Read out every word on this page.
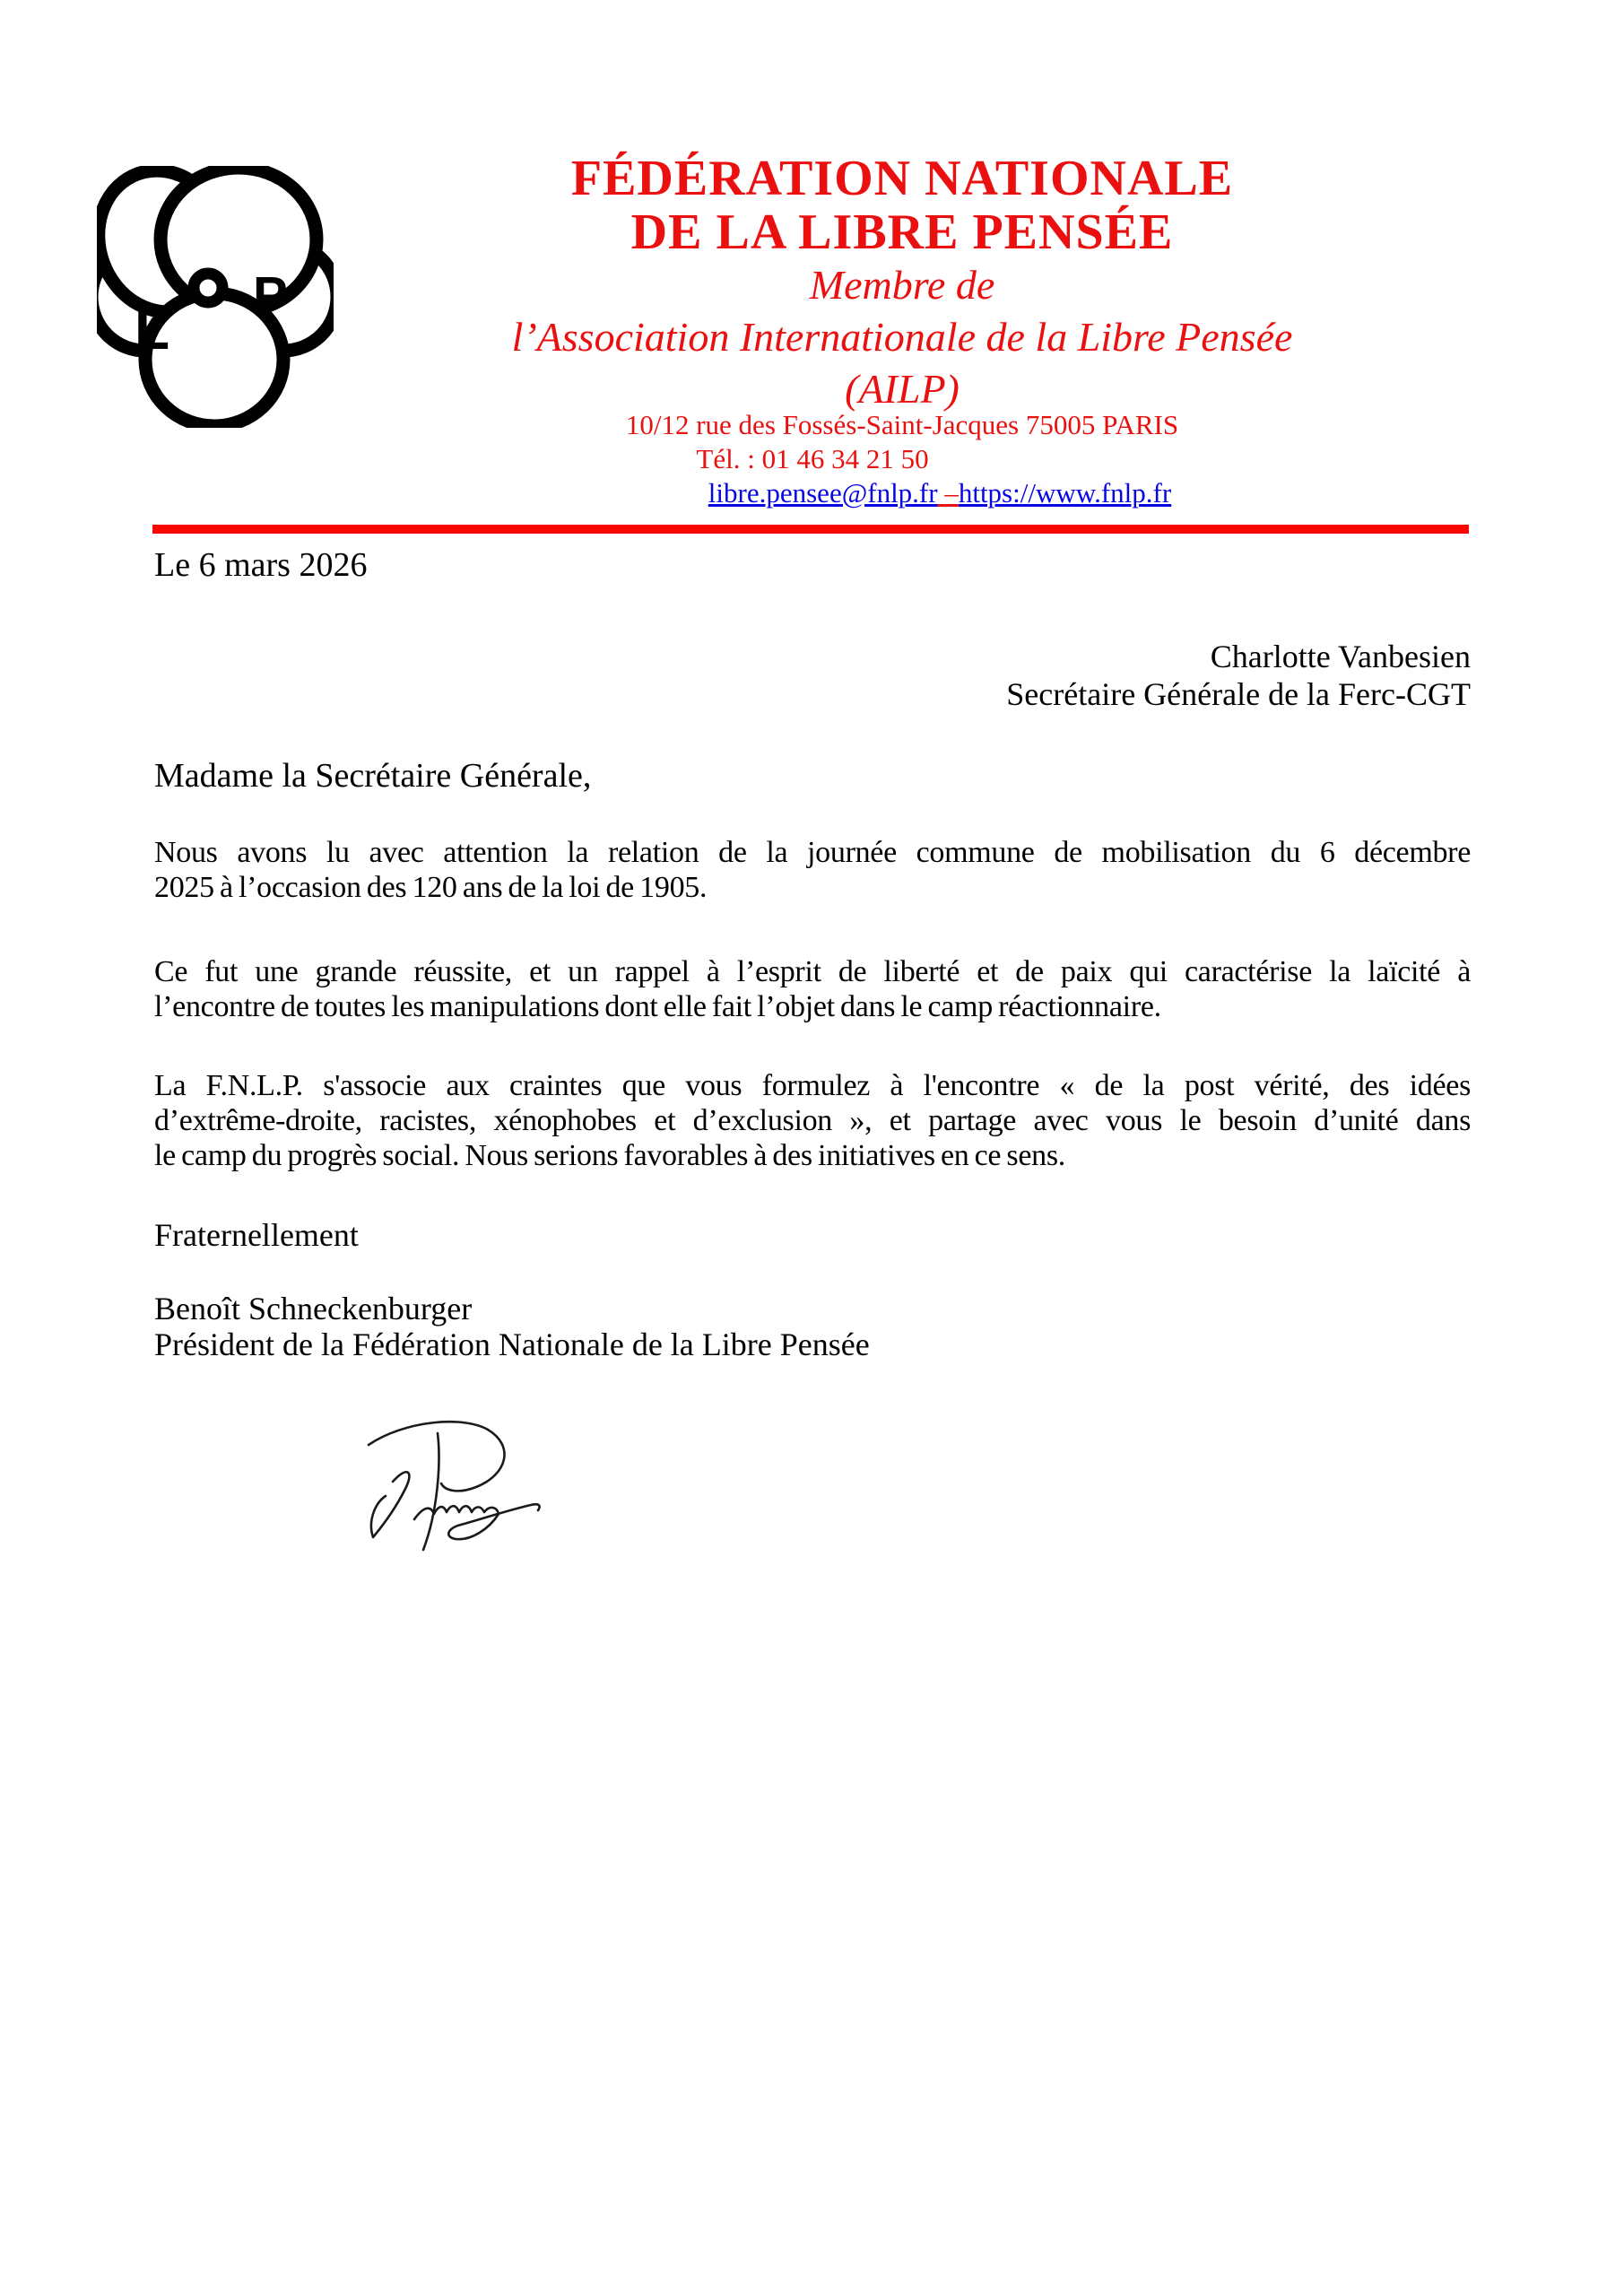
L
P
FÉDÉRATION NATIONALE
DE LA LIBRE PENSÉE
Membre de
l’Association Internationale de la Libre Pensée
(AILP)
10/12 rue des Fossés-Saint-Jacques 75005 PARIS
Tél. : 01 46 34 21 50
libre.pensee@fnlp.fr –https://www.fnlp.fr
Le 6 mars 2026
Charlotte Vanbesien
Secrétaire Générale de la Ferc-CGT
Madame la Secrétaire Générale,
Nous avons lu avec attention la relation de la journée commune de mobilisation du 6 décembre
2025 à l’occasion des 120 ans de la loi de 1905.
Ce fut une grande réussite, et un rappel à l’esprit de liberté et de paix qui caractérise la laïcité à
l’encontre de toutes les manipulations dont elle fait l’objet dans le camp réactionnaire.
La F.N.L.P. s'associe aux craintes que vous formulez à l'encontre « de la post vérité, des idées
d’extrême-droite, racistes, xénophobes et d’exclusion », et partage avec vous le besoin d’unité dans
le camp du progrès social. Nous serions favorables à des initiatives en ce sens.
Fraternellement
Benoît Schneckenburger
Président de la Fédération Nationale de la Libre Pensée
